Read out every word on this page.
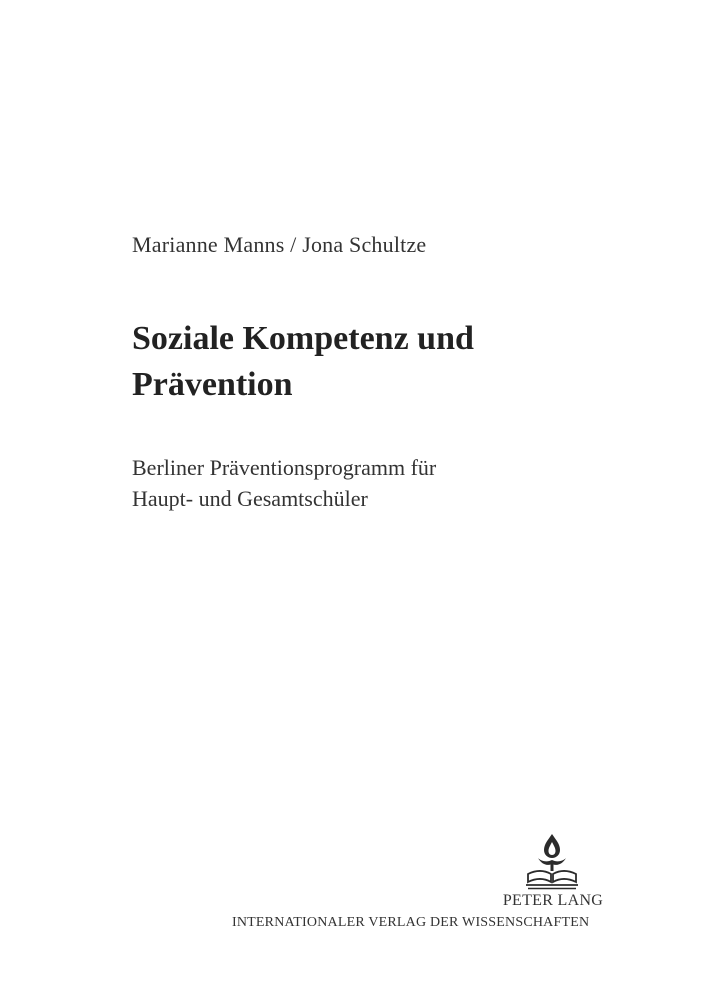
Marianne Manns / Jona Schultze
Soziale Kompetenz und
Prävention

Berliner Präventionsprogramm für
Haupt- und Gesamtschüler

PETER LANG
INTERNATIONALER VERLAG DER WISSENSCHAFTEN
